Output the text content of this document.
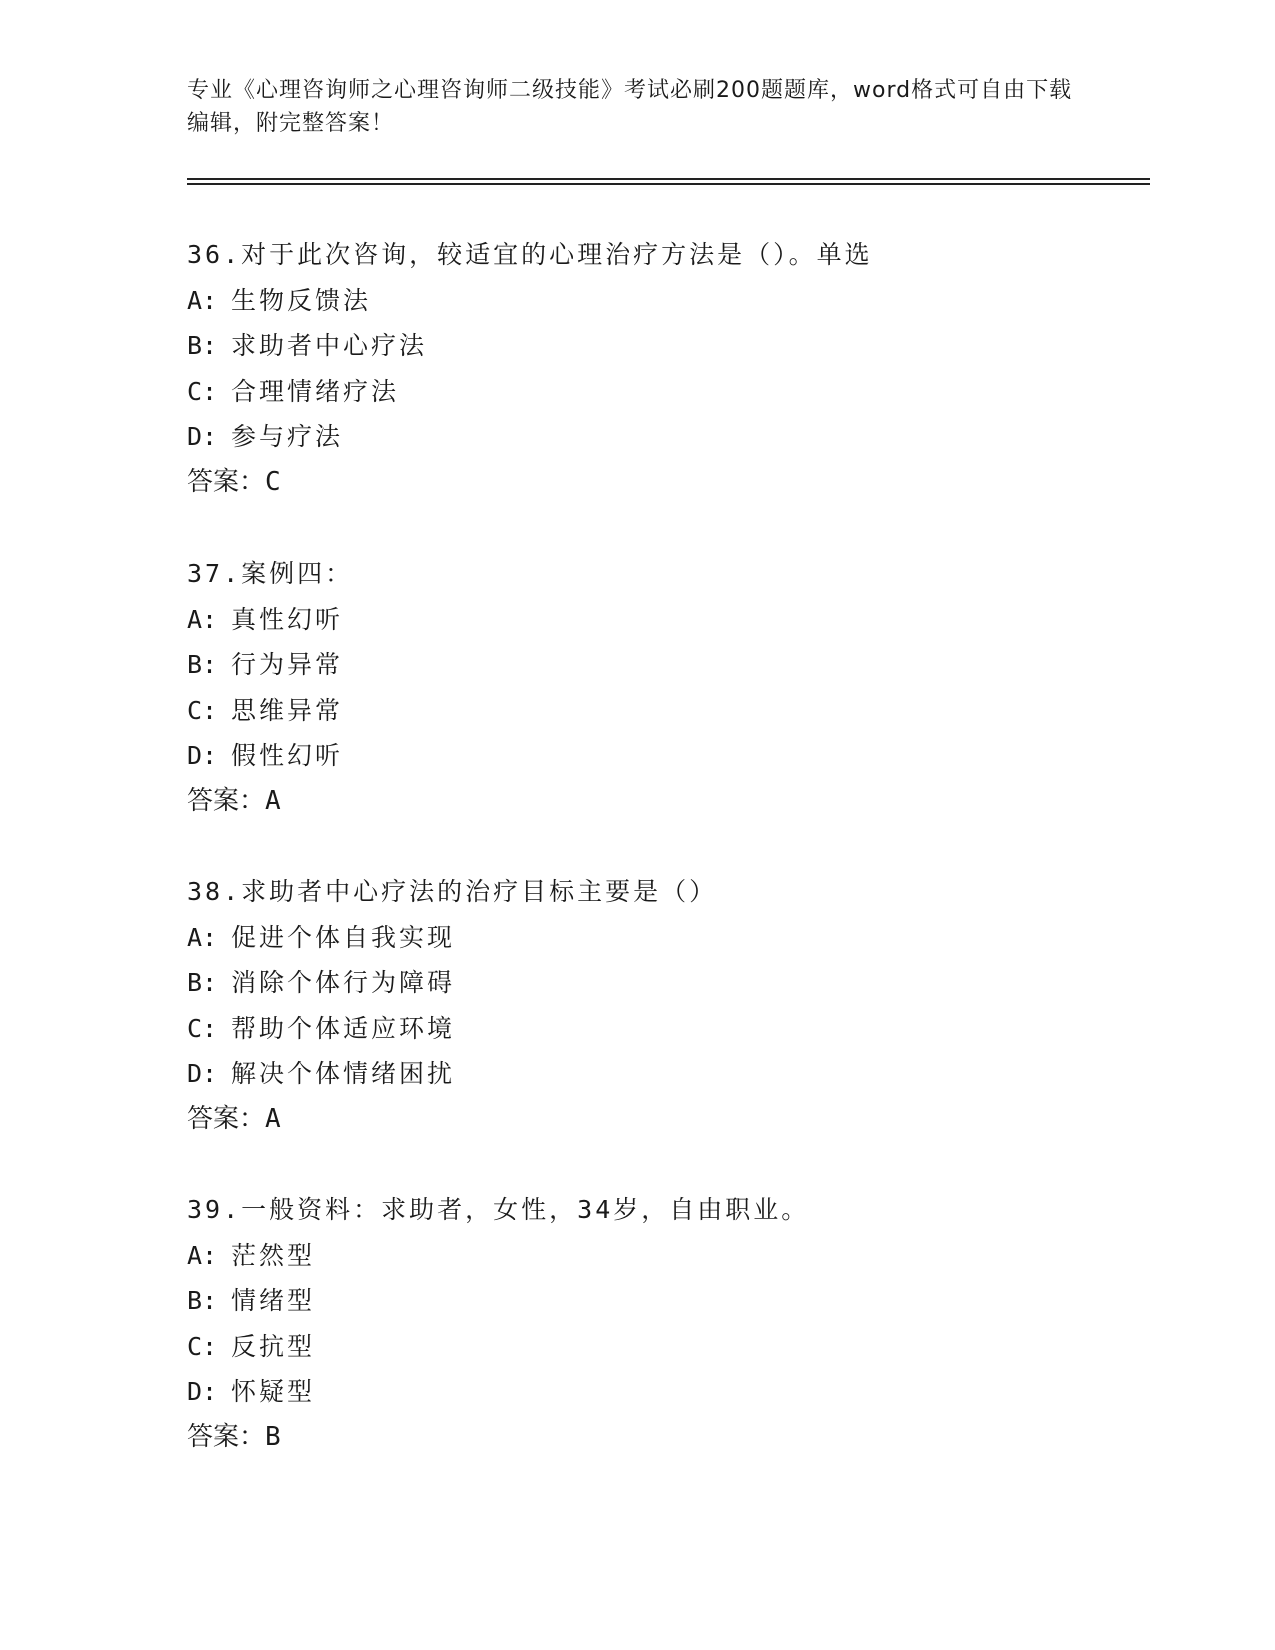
专业《心理咨询师之心理咨询师二级技能》考试必刷200题题库，word格式可自由下载编辑，附完整答案！
36.对于此次咨询，较适宜的心理治疗方法是（）。单选
A: 生物反馈法
B: 求助者中心疗法
C: 合理情绪疗法
D: 参与疗法
答案：C
37.案例四：
A: 真性幻听
B: 行为异常
C: 思维异常
D: 假性幻听
答案：A
38.求助者中心疗法的治疗目标主要是（）
A: 促进个体自我实现
B: 消除个体行为障碍
C: 帮助个体适应环境
D: 解决个体情绪困扰
答案：A
39.一般资料：求助者，女性，34岁，自由职业。
A: 茫然型
B: 情绪型
C: 反抗型
D: 怀疑型
答案：B
